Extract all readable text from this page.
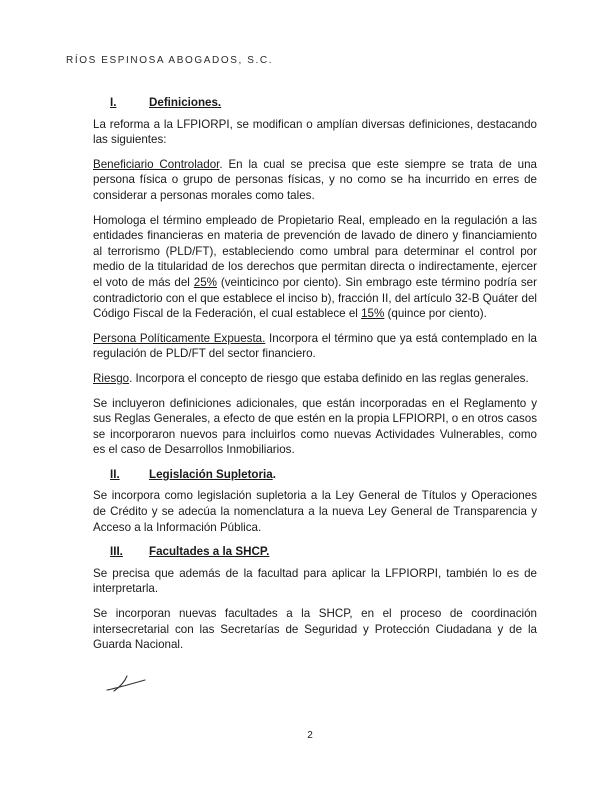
RÍOS ESPINOSA ABOGADOS, S.C.
I.	Definiciones.

La reforma a la LFPIORPI, se modifican o amplían diversas definiciones, destacando las siguientes:

Beneficiario Controlador. En la cual se precisa que este siempre se trata de una persona física o grupo de personas físicas, y no como se ha incurrido en erres de considerar a personas morales como tales.

Homologa el término empleado de Propietario Real, empleado en la regulación a las entidades financieras en materia de prevención de lavado de dinero y financiamiento al terrorismo (PLD/FT), estableciendo como umbral para determinar el control por medio de la titularidad de los derechos que permitan directa o indirectamente, ejercer el voto de más del 25% (veinticinco por ciento). Sin embrago este término podría ser contradictorio con el que establece el inciso b), fracción II, del artículo 32-B Quáter del Código Fiscal de la Federación, el cual establece el 15% (quince por ciento).

Persona Políticamente Expuesta. Incorpora el término que ya está contemplado en la regulación de PLD/FT del sector financiero.

Riesgo. Incorpora el concepto de riesgo que estaba definido en las reglas generales.

Se incluyeron definiciones adicionales, que están incorporadas en el Reglamento y sus Reglas Generales, a efecto de que estén en la propia LFPIORPI, o en otros casos se incorporaron nuevos para incluirlos como nuevas Actividades Vulnerables, como es el caso de Desarrollos Inmobiliarios.

II.	Legislación Supletoria.

Se incorpora como legislación supletoria a la Ley General de Títulos y Operaciones de Crédito y se adecúa la nomenclatura a la nueva Ley General de Transparencia y Acceso a la Información Pública.

III.	Facultades a la SHCP.

Se precisa que además de la facultad para aplicar la LFPIORPI, también lo es de interpretarla.

Se incorporan nuevas facultades a la SHCP, en el proceso de coordinación intersecretarial con las Secretarías de Seguridad y Protección Ciudadana y de la Guarda Nacional.

2
